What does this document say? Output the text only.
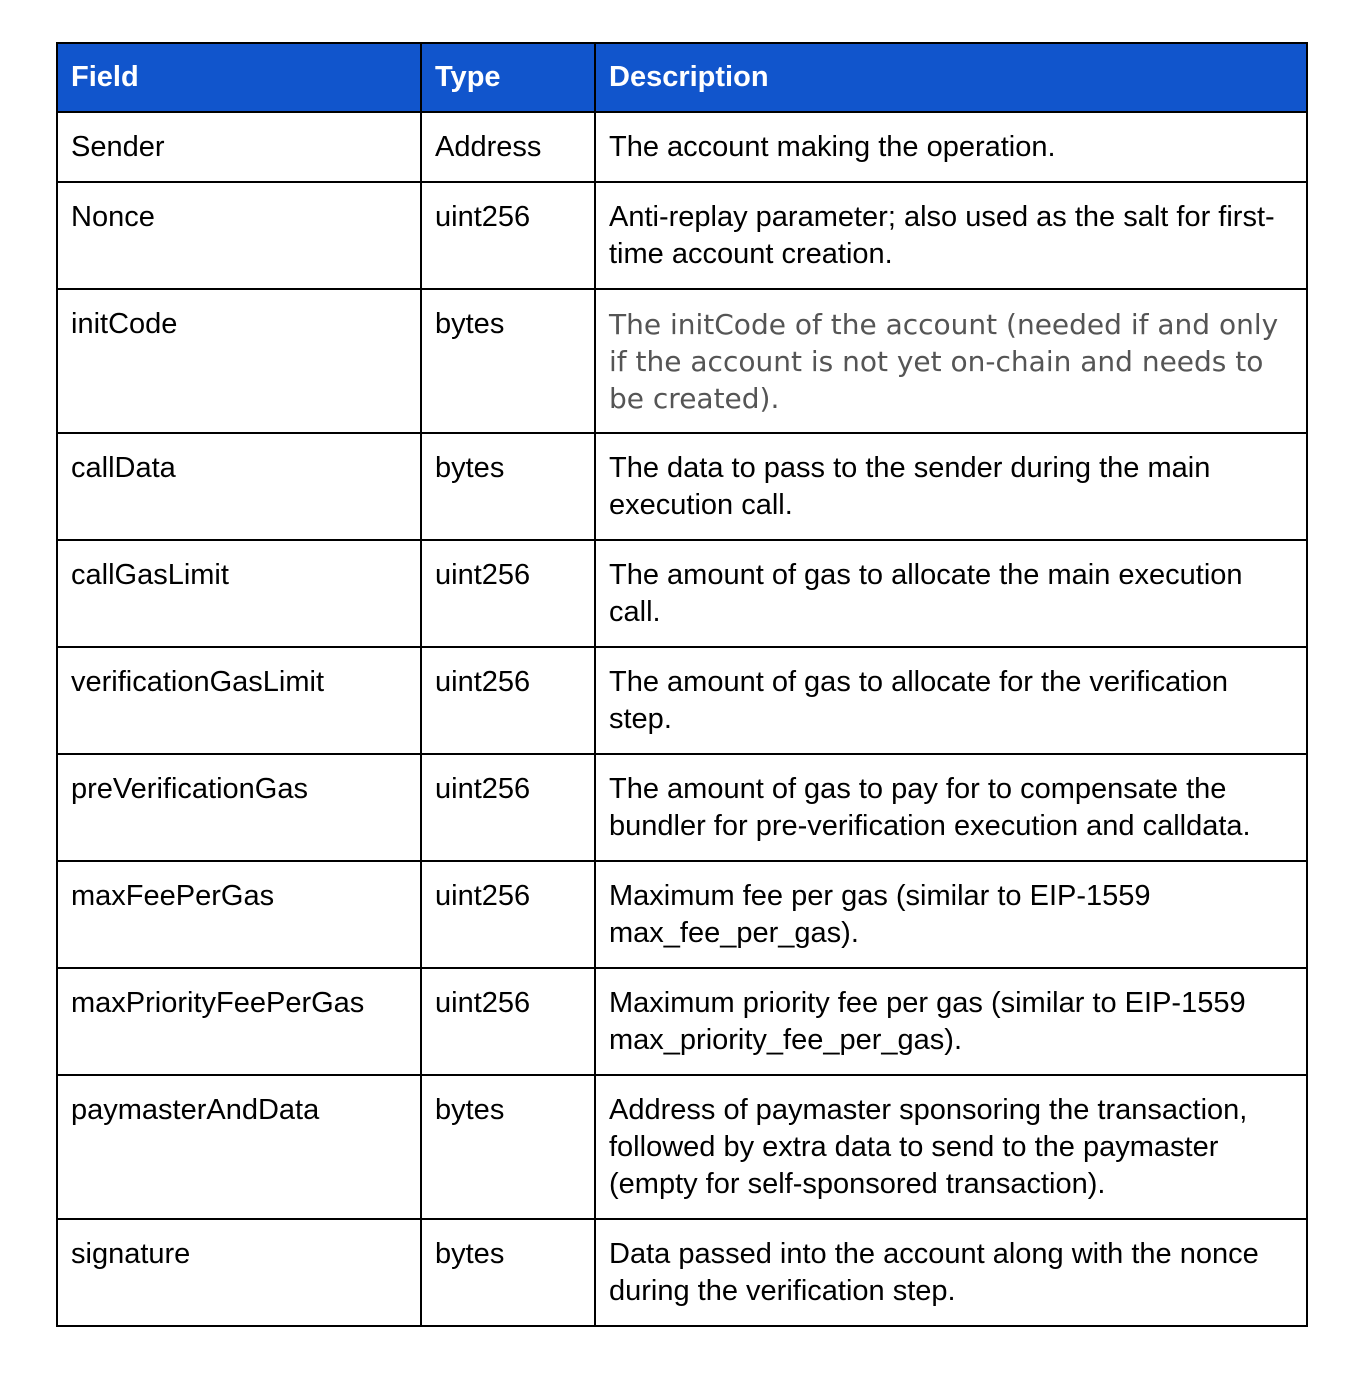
Field	Type	Description
Sender	Address	The account making the operation.
Nonce	uint256	Anti-replay parameter; also used as the salt for first-time account creation.
initCode	bytes	The initCode of the account (needed if and only if the account is not yet on-chain and needs to be created).
callData	bytes	The data to pass to the sender during the main execution call.
callGasLimit	uint256	The amount of gas to allocate the main execution call.
verificationGasLimit	uint256	The amount of gas to allocate for the verification step.
preVerificationGas	uint256	The amount of gas to pay for to compensate the bundler for pre-verification execution and calldata.
maxFeePerGas	uint256	Maximum fee per gas (similar to EIP-1559 max_fee_per_gas).
maxPriorityFeePerGas	uint256	Maximum priority fee per gas (similar to EIP-1559 max_priority_fee_per_gas).
paymasterAndData	bytes	Address of paymaster sponsoring the transaction, followed by extra data to send to the paymaster (empty for self-sponsored transaction).
signature	bytes	Data passed into the account along with the nonce during the verification step.
